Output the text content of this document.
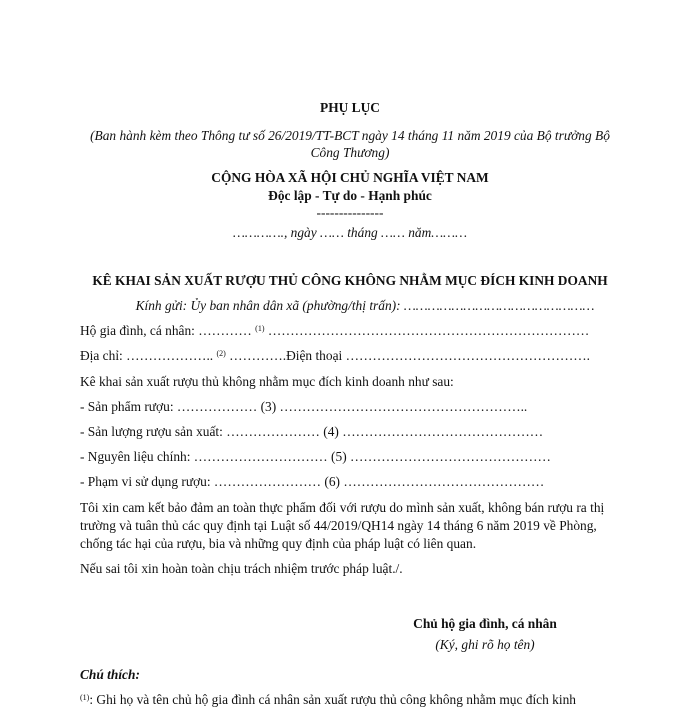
PHỤ LỤC
(Ban hành kèm theo Thông tư số 26/2019/TT-BCT ngày 14 tháng 11 năm 2019 của Bộ trưởng Bộ
Công Thương)
CỘNG HÒA XÃ HỘI CHỦ NGHĨA VIỆT NAM
Độc lập - Tự do - Hạnh phúc
---------------
…………., ngày …… tháng …… năm………
KÊ KHAI SẢN XUẤT RƯỢU THỦ CÔNG KHÔNG NHẰM MỤC ĐÍCH KINH DOANH
Kính gửi: Ủy ban nhân dân xã (phường/thị trấn): …………………………………………
Hộ gia đình, cá nhân: ………… $^{(1)}$ ………………………………………………………………
Địa chỉ: ……………….. $^{(2)}$ ………….Điện thoại ……………………………………………….
Kê khai sản xuất rượu thủ không nhằm mục đích kinh doanh như sau:
- Sản phẩm rượu: ……………… (3) ………………………………………………..
- Sản lượng rượu sản xuất: ………………… (4) ………………………………………
- Nguyên liệu chính: ………………………… (5) ………………………………………
- Phạm vi sử dụng rượu: …………………… (6) ………………………………………
Tôi xin cam kết bảo đảm an toàn thực phẩm đối với rượu do mình sản xuất, không bán rượu ra thị trường và tuân thủ các quy định tại Luật số 44/2019/QH14 ngày 14 tháng 6 năm 2019 về Phòng, chống tác hại của rượu, bia và những quy định của pháp luật có liên quan.
Nếu sai tôi xin hoàn toàn chịu trách nhiệm trước pháp luật./.
Chủ hộ gia đình, cá nhân
(Ký, ghi rõ họ tên)
Chú thích:
$^{(1)}$: Ghi họ và tên chủ hộ gia đình cá nhân sản xuất rượu thủ công không nhằm mục đích kinh
